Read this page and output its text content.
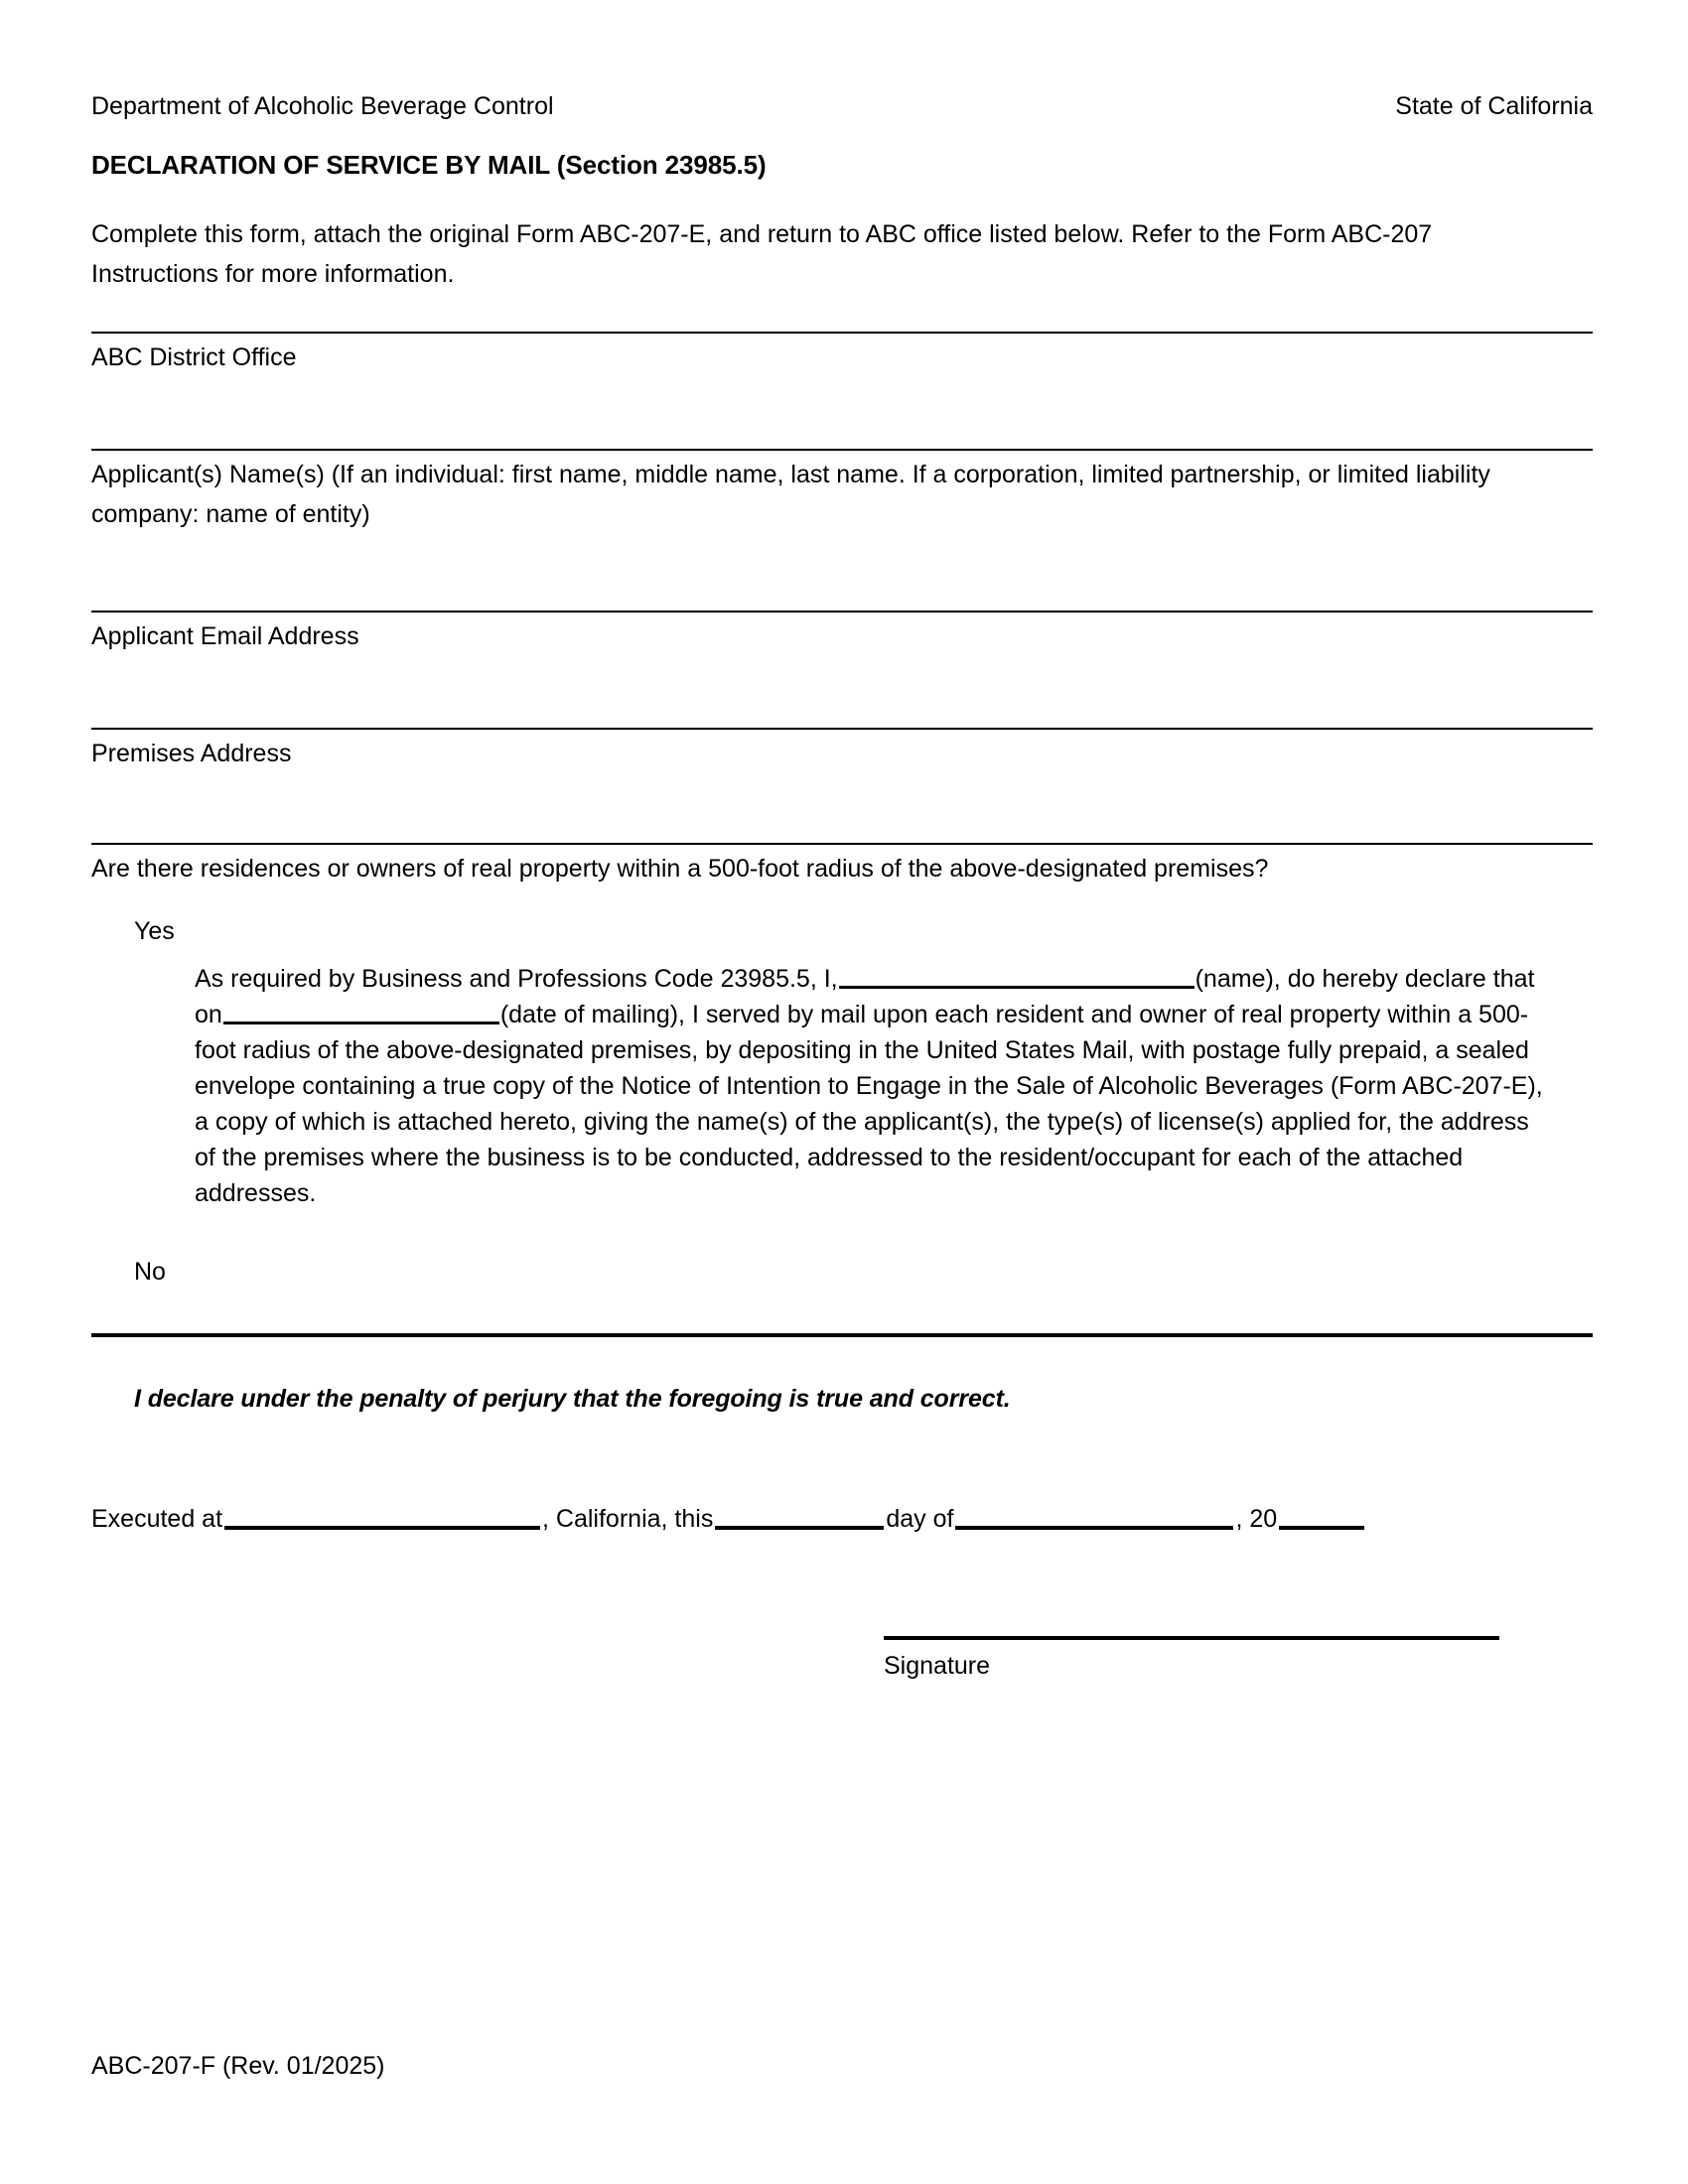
Department of Alcoholic Beverage Control	State of California
DECLARATION OF SERVICE BY MAIL (Section 23985.5)
Complete this form, attach the original Form ABC-207-E, and return to ABC office listed below. Refer to the Form ABC-207 Instructions for more information.
ABC District Office
Applicant(s) Name(s) (If an individual: first name, middle name, last name. If a corporation, limited partnership, or limited liability company: name of entity)
Applicant Email Address
Premises Address
Are there residences or owners of real property within a 500-foot radius of the above-designated premises?
Yes
As required by Business and Professions Code 23985.5, I,	(name), do hereby declare that on	(date of mailing), I served by mail upon each resident and owner of real property within a 500-foot radius of the above-designated premises, by depositing in the United States Mail, with postage fully prepaid, a sealed envelope containing a true copy of the Notice of Intention to Engage in the Sale of Alcoholic Beverages (Form ABC-207-E), a copy of which is attached hereto, giving the name(s) of the applicant(s), the type(s) of license(s) applied for, the address of the premises where the business is to be conducted, addressed to the resident/occupant for each of the attached addresses.
No
I declare under the penalty of perjury that the foregoing is true and correct.
Executed at	, California, this	day of	, 20
Signature
ABC-207-F (Rev. 01/2025)
